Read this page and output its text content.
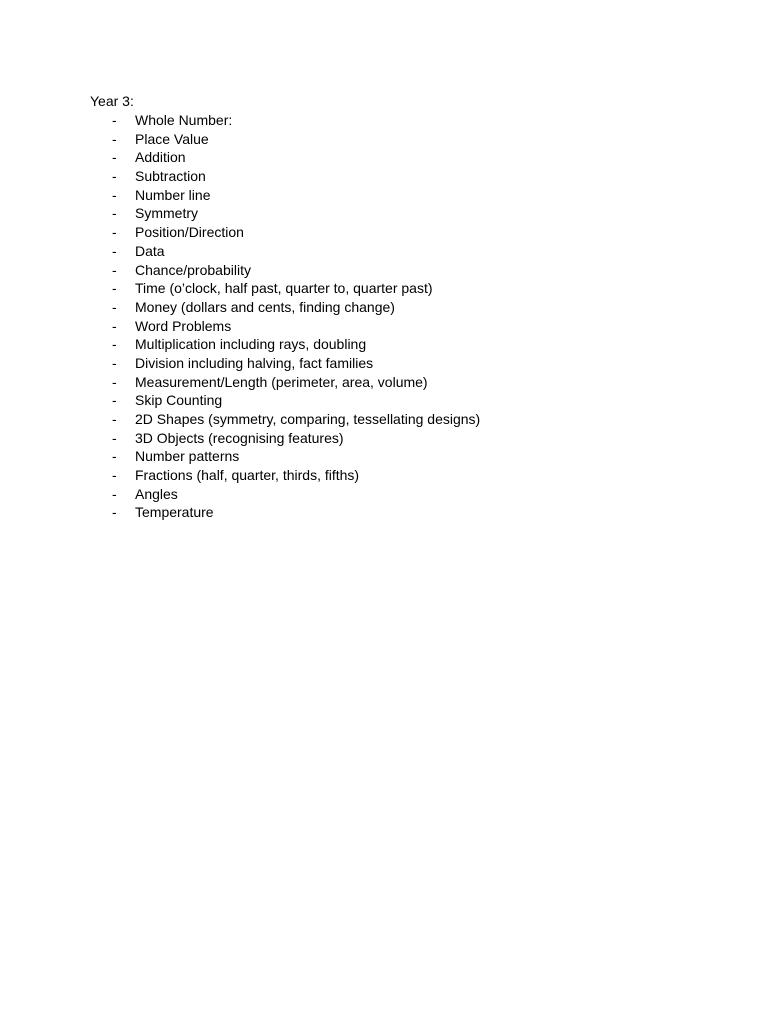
Year 3:
- Whole Number:
- Place Value
- Addition
- Subtraction
- Number line
- Symmetry
- Position/Direction
- Data
- Chance/probability
- Time (o’clock, half past, quarter to, quarter past)
- Money (dollars and cents, finding change)
- Word Problems
- Multiplication including rays, doubling
- Division including halving, fact families
- Measurement/Length (perimeter, area, volume)
- Skip Counting
- 2D Shapes (symmetry, comparing, tessellating designs)
- 3D Objects (recognising features)
- Number patterns
- Fractions (half, quarter, thirds, fifths)
- Angles
- Temperature
